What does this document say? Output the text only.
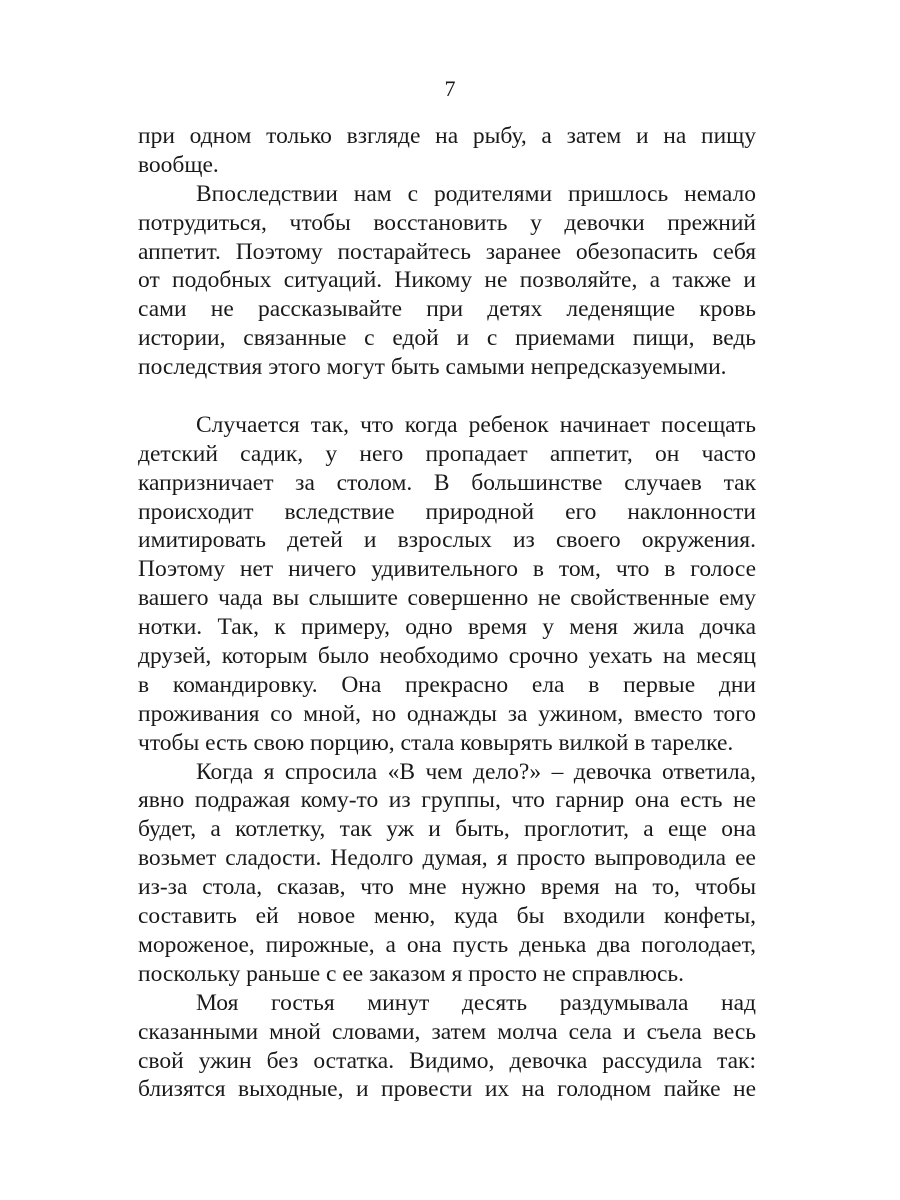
7
при одном только взгляде на рыбу, а затем и на пищу
вообще.
Впоследствии нам с родителями пришлось немало
потрудиться, чтобы восстановить у девочки прежний
аппетит. Поэтому постарайтесь заранее обезопасить себя
от подобных ситуаций. Никому не позволяйте, а также и
сами не рассказывайте при детях леденящие кровь
истории, связанные с едой и с приемами пищи, ведь
последствия этого могут быть самыми непредсказуемыми.
Случается так, что когда ребенок начинает посещать
детский садик, у него пропадает аппетит, он часто
капризничает за столом. В большинстве случаев так
происходит вследствие природной его наклонности
имитировать детей и взрослых из своего окружения.
Поэтому нет ничего удивительного в том, что в голосе
вашего чада вы слышите совершенно не свойственные ему
нотки. Так, к примеру, одно время у меня жила дочка
друзей, которым было необходимо срочно уехать на месяц
в командировку. Она прекрасно ела в первые дни
проживания со мной, но однажды за ужином, вместо того
чтобы есть свою порцию, стала ковырять вилкой в тарелке.
Когда я спросила «В чем дело?» – девочка ответила,
явно подражая кому-то из группы, что гарнир она есть не
будет, а котлетку, так уж и быть, проглотит, а еще она
возьмет сладости. Недолго думая, я просто выпроводила ее
из-за стола, сказав, что мне нужно время на то, чтобы
составить ей новое меню, куда бы входили конфеты,
мороженое, пирожные, а она пусть денька два поголодает,
поскольку раньше с ее заказом я просто не справлюсь.
Моя гостья минут десять раздумывала над
сказанными мной словами, затем молча села и съела весь
свой ужин без остатка. Видимо, девочка рассудила так:
близятся выходные, и провести их на голодном пайке не
